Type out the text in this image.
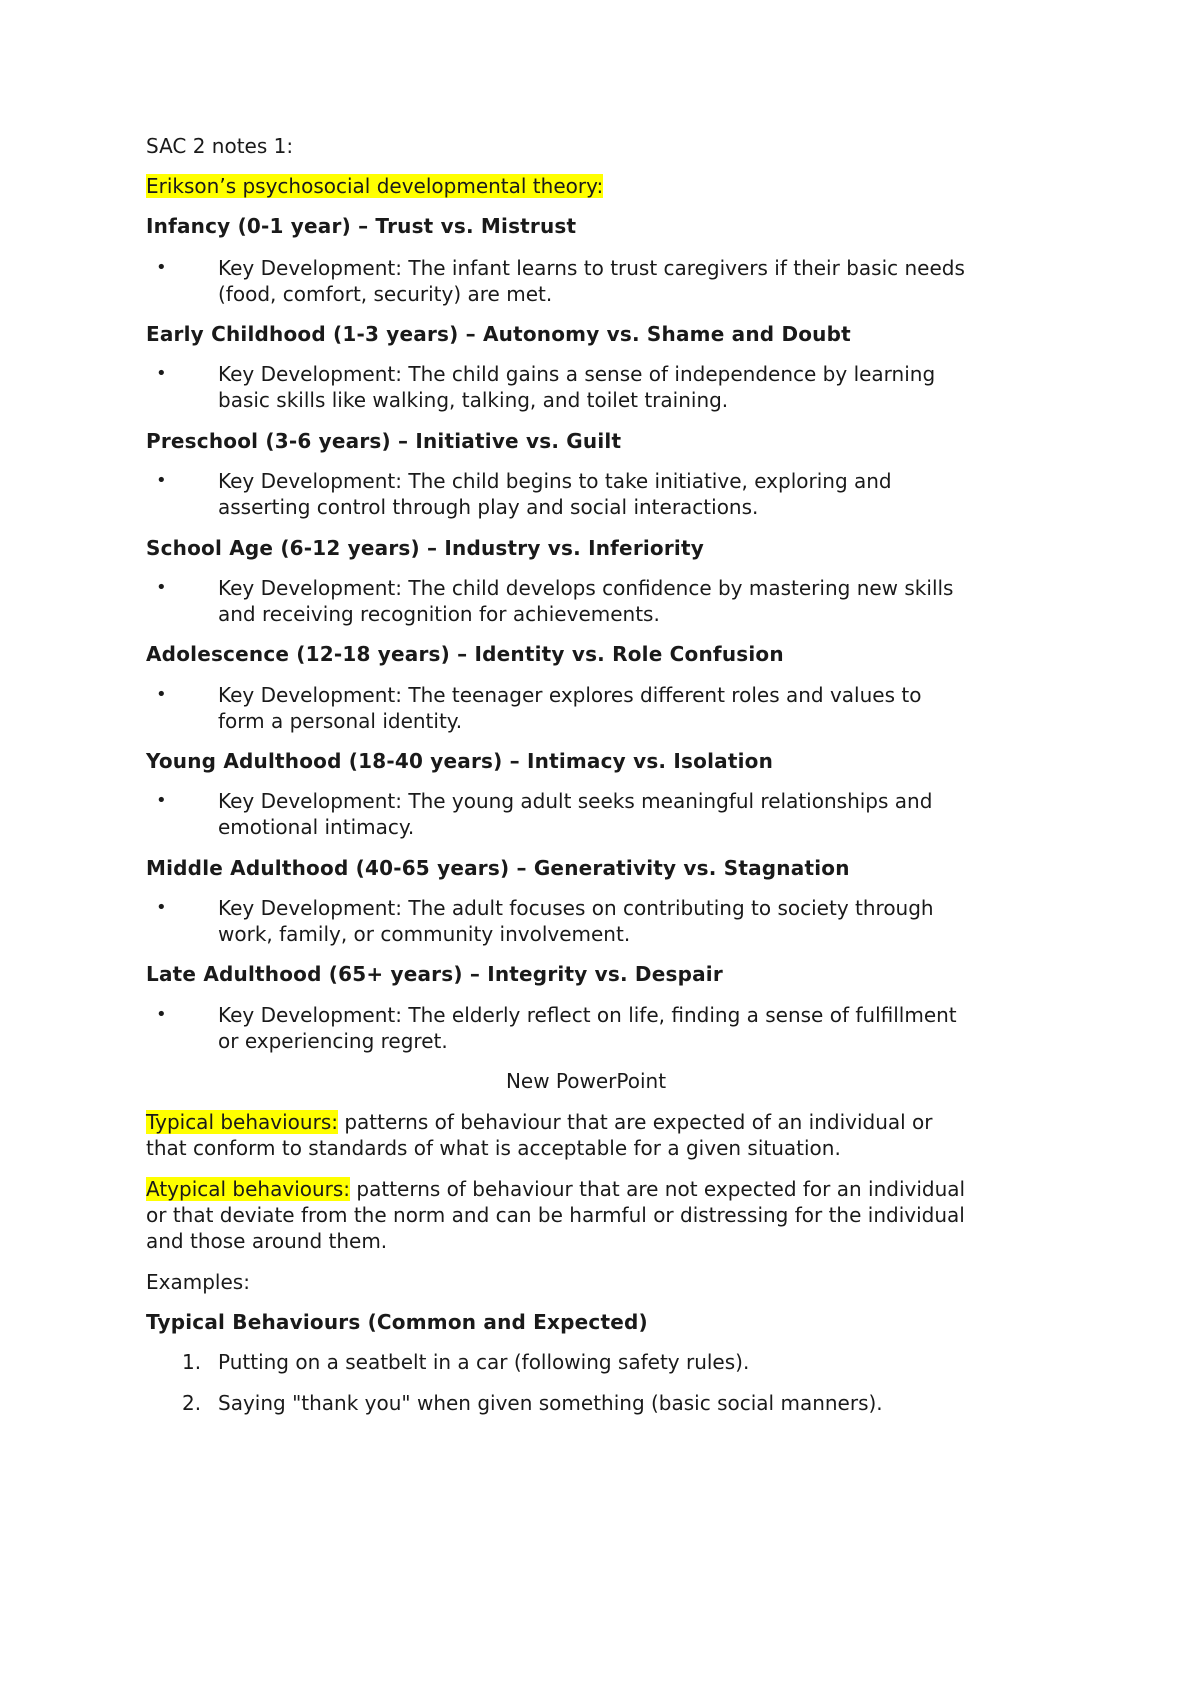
SAC 2 notes 1:
Erikson’s psychosocial developmental theory:
Infancy (0-1 year) – Trust vs. Mistrust
•	Key Development: The infant learns to trust caregivers if their basic needs
(food, comfort, security) are met.
Early Childhood (1-3 years) – Autonomy vs. Shame and Doubt
•	Key Development: The child gains a sense of independence by learning
basic skills like walking, talking, and toilet training.
Preschool (3-6 years) – Initiative vs. Guilt
•	Key Development: The child begins to take initiative, exploring and
asserting control through play and social interactions.
School Age (6-12 years) – Industry vs. Inferiority
•	Key Development: The child develops confidence by mastering new skills
and receiving recognition for achievements.
Adolescence (12-18 years) – Identity vs. Role Confusion
•	Key Development: The teenager explores different roles and values to
form a personal identity.
Young Adulthood (18-40 years) – Intimacy vs. Isolation
•	Key Development: The young adult seeks meaningful relationships and
emotional intimacy.
Middle Adulthood (40-65 years) – Generativity vs. Stagnation
•	Key Development: The adult focuses on contributing to society through
work, family, or community involvement.
Late Adulthood (65+ years) – Integrity vs. Despair
•	Key Development: The elderly reflect on life, finding a sense of fulfillment
or experiencing regret.
New PowerPoint
Typical behaviours: patterns of behaviour that are expected of an individual or
that conform to standards of what is acceptable for a given situation.
Atypical behaviours: patterns of behaviour that are not expected for an individual
or that deviate from the norm and can be harmful or distressing for the individual
and those around them.
Examples:
Typical Behaviours (Common and Expected)
1. Putting on a seatbelt in a car (following safety rules).
2. Saying "thank you" when given something (basic social manners).
